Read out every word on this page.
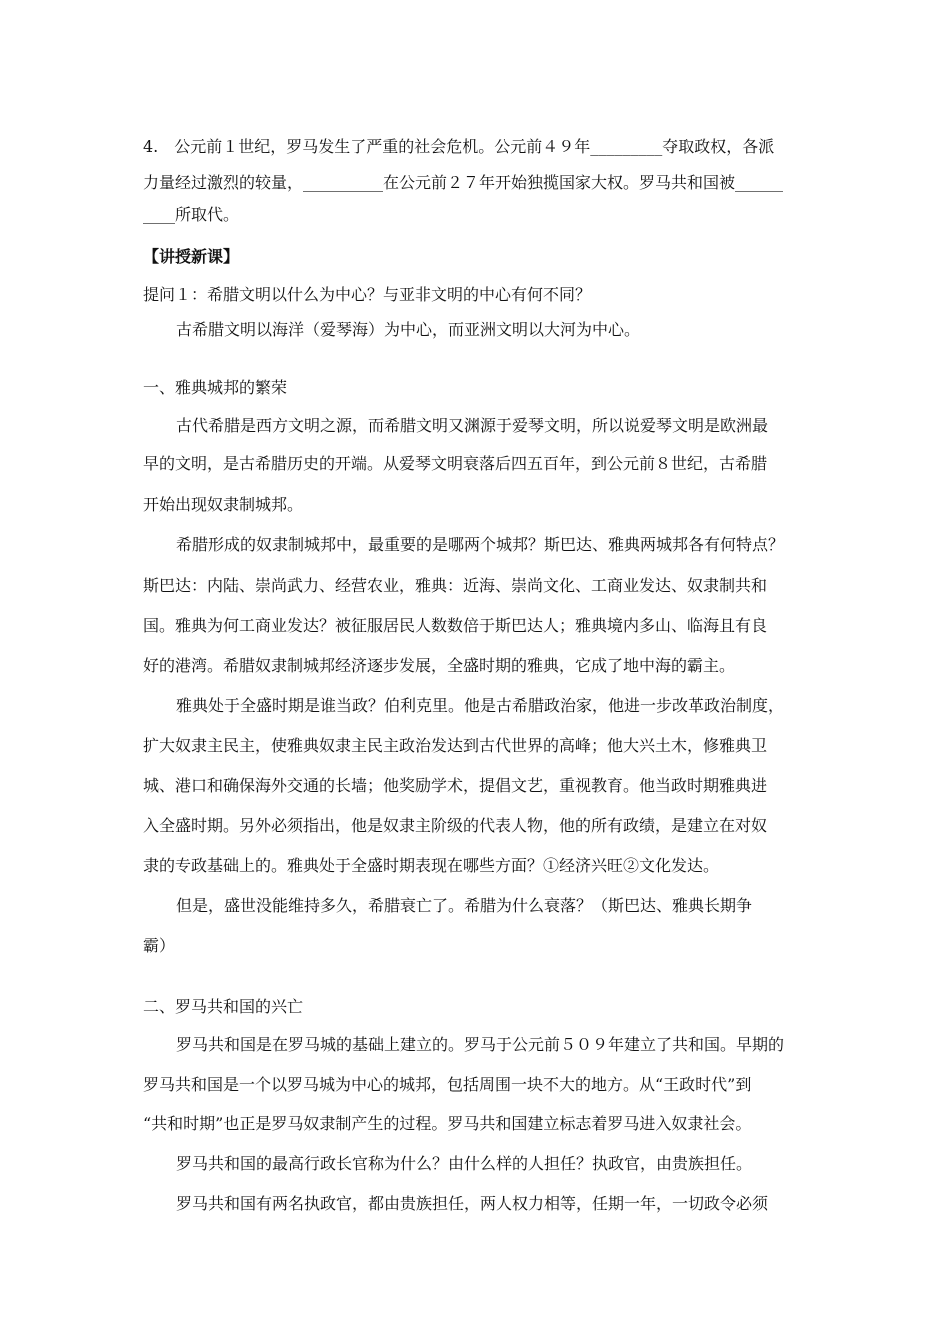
4.　公元前１世纪，罗马发生了严重的社会危机。公元前４９年_________夺取政权，各派
力量经过激烈的较量，__________在公元前２７年开始独揽国家大权。罗马共和国被______
____所取代。
【讲授新课】
提问１：希腊文明以什么为中心？与亚非文明的中心有何不同？
古希腊文明以海洋（爱琴海）为中心，而亚洲文明以大河为中心。
一、雅典城邦的繁荣
古代希腊是西方文明之源，而希腊文明又渊源于爱琴文明，所以说爱琴文明是欧洲最
早的文明，是古希腊历史的开端。从爱琴文明衰落后四五百年，到公元前８世纪，古希腊
开始出现奴隶制城邦。
希腊形成的奴隶制城邦中，最重要的是哪两个城邦？斯巴达、雅典两城邦各有何特点？
斯巴达：内陆、崇尚武力、经营农业，雅典：近海、崇尚文化、工商业发达、奴隶制共和
国。雅典为何工商业发达？被征服居民人数数倍于斯巴达人；雅典境内多山、临海且有良
好的港湾。希腊奴隶制城邦经济逐步发展，全盛时期的雅典，它成了地中海的霸主。
雅典处于全盛时期是谁当政？伯利克里。他是古希腊政治家，他进一步改革政治制度，
扩大奴隶主民主，使雅典奴隶主民主政治发达到古代世界的高峰；他大兴土木，修雅典卫
城、港口和确保海外交通的长墙；他奖励学术，提倡文艺，重视教育。他当政时期雅典进
入全盛时期。另外必须指出，他是奴隶主阶级的代表人物，他的所有政绩，是建立在对奴
隶的专政基础上的。雅典处于全盛时期表现在哪些方面？①经济兴旺②文化发达。
但是，盛世没能维持多久，希腊衰亡了。希腊为什么衰落？（斯巴达、雅典长期争
霸）
二、罗马共和国的兴亡
罗马共和国是在罗马城的基础上建立的。罗马于公元前５０９年建立了共和国。早期的
罗马共和国是一个以罗马城为中心的城邦，包括周围一块不大的地方。从“王政时代”到
“共和时期”也正是罗马奴隶制产生的过程。罗马共和国建立标志着罗马进入奴隶社会。
罗马共和国的最高行政长官称为什么？由什么样的人担任？执政官，由贵族担任。
罗马共和国有两名执政官，都由贵族担任，两人权力相等，任期一年，一切政令必须
